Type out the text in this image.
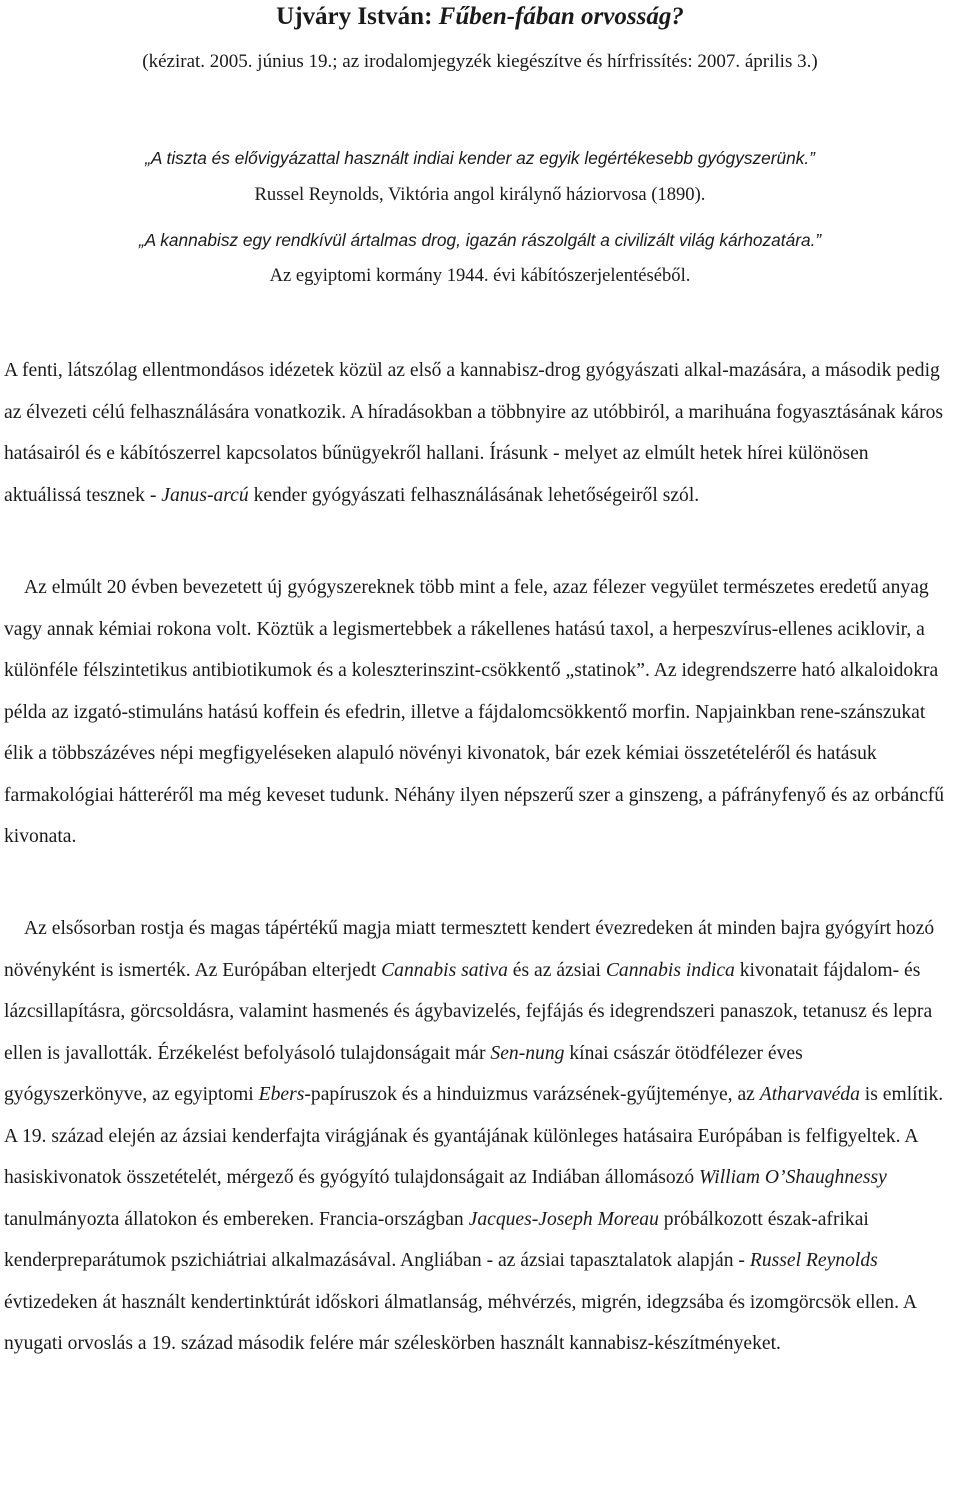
Ujváry István: Fűben-fában orvosság?
(kézirat. 2005. június 19.; az irodalomjegyzék kiegészítve és hírfrissítés: 2007. április 3.)
„A tiszta és elővigyázattal használt indiai kender az egyik legértékesebb gyógyszerünk.”
Russel Reynolds, Viktória angol királynő háziorvosa (1890).
„A kannabisz egy rendkívül ártalmas drog, igazán rászolgált a civilizált világ kárhozatára.”
Az egyiptomi kormány 1944. évi kábítószerjelentéséből.

A fenti, látszólag ellentmondásos idézetek közül az első a kannabisz-drog gyógyászati alkal-mazására, a második pedig az élvezeti célú felhasználására vonatkozik. A híradásokban a többnyire az utóbbiról, a marihuána fogyasztásának káros hatásairól és e kábítószerrel kapcsolatos bűnügyekről hallani. Írásunk - melyet az elmúlt hetek hírei különösen aktuálissá tesznek - Janus-arcú kender gyógyászati felhasználásának lehetőségeiről szól.

Az elmúlt 20 évben bevezetett új gyógyszereknek több mint a fele, azaz félezer vegyület természetes eredetű anyag vagy annak kémiai rokona volt. Köztük a legismertebbek a rákellenes hatású taxol, a herpeszvírus-ellenes aciklovir, a különféle félszintetikus antibiotikumok és a koleszterinszint-csökkentő „statinok”. Az idegrendszerre ható alkaloidokra példa az izgató-stimuláns hatású koffein és efedrin, illetve a fájdalomcsökkentő morfin. Napjainkban rene-szánszukat élik a többszázéves népi megfigyeléseken alapuló növényi kivonatok, bár ezek kémiai összetételéről és hatásuk farmakológiai hátteréről ma még keveset tudunk. Néhány ilyen népszerű szer a ginszeng, a páfrányfenyő és az orbáncfű kivonata.

Az elsősorban rostja és magas tápértékű magja miatt termesztett kendert évezredeken át minden bajra gyógyírt hozó növényként is ismerték. Az Európában elterjedt Cannabis sativa és az ázsiai Cannabis indica kivonatait fájdalom- és lázcsillapításra, görcsoldásra, valamint hasmenés és ágybavizelés, fejfájás és idegrendszeri panaszok, tetanusz és lepra ellen is javallották. Érzékelést befolyásoló tulajdonságait már Sen-nung kínai császár ötödfélezer éves gyógyszerkönyve, az egyiptomi Ebers-papíruszok és a hinduizmus varázsének-gyűjteménye, az Atharvavéda is említik. A 19. század elején az ázsiai kenderfajta virágjának és gyantájának különleges hatásaira Európában is felfigyeltek. A hasiskivonatok összetételét, mérgező és gyógyító tulajdonságait az Indiában állomásozó William O’Shaughnessy tanulmányozta állatokon és embereken. Francia-országban Jacques-Joseph Moreau próbálkozott észak-afrikai kenderpreparátumok pszichiátriai alkalmazásával. Angliában - az ázsiai tapasztalatok alapján - Russel Reynolds évtizedeken át használt kendertinktúrát időskori álmatlanság, méhvérzés, migrén, idegzsába és izomgörcsök ellen. A nyugati orvoslás a 19. század második felére már széleskörben használt kannabisz-készítményeket.
